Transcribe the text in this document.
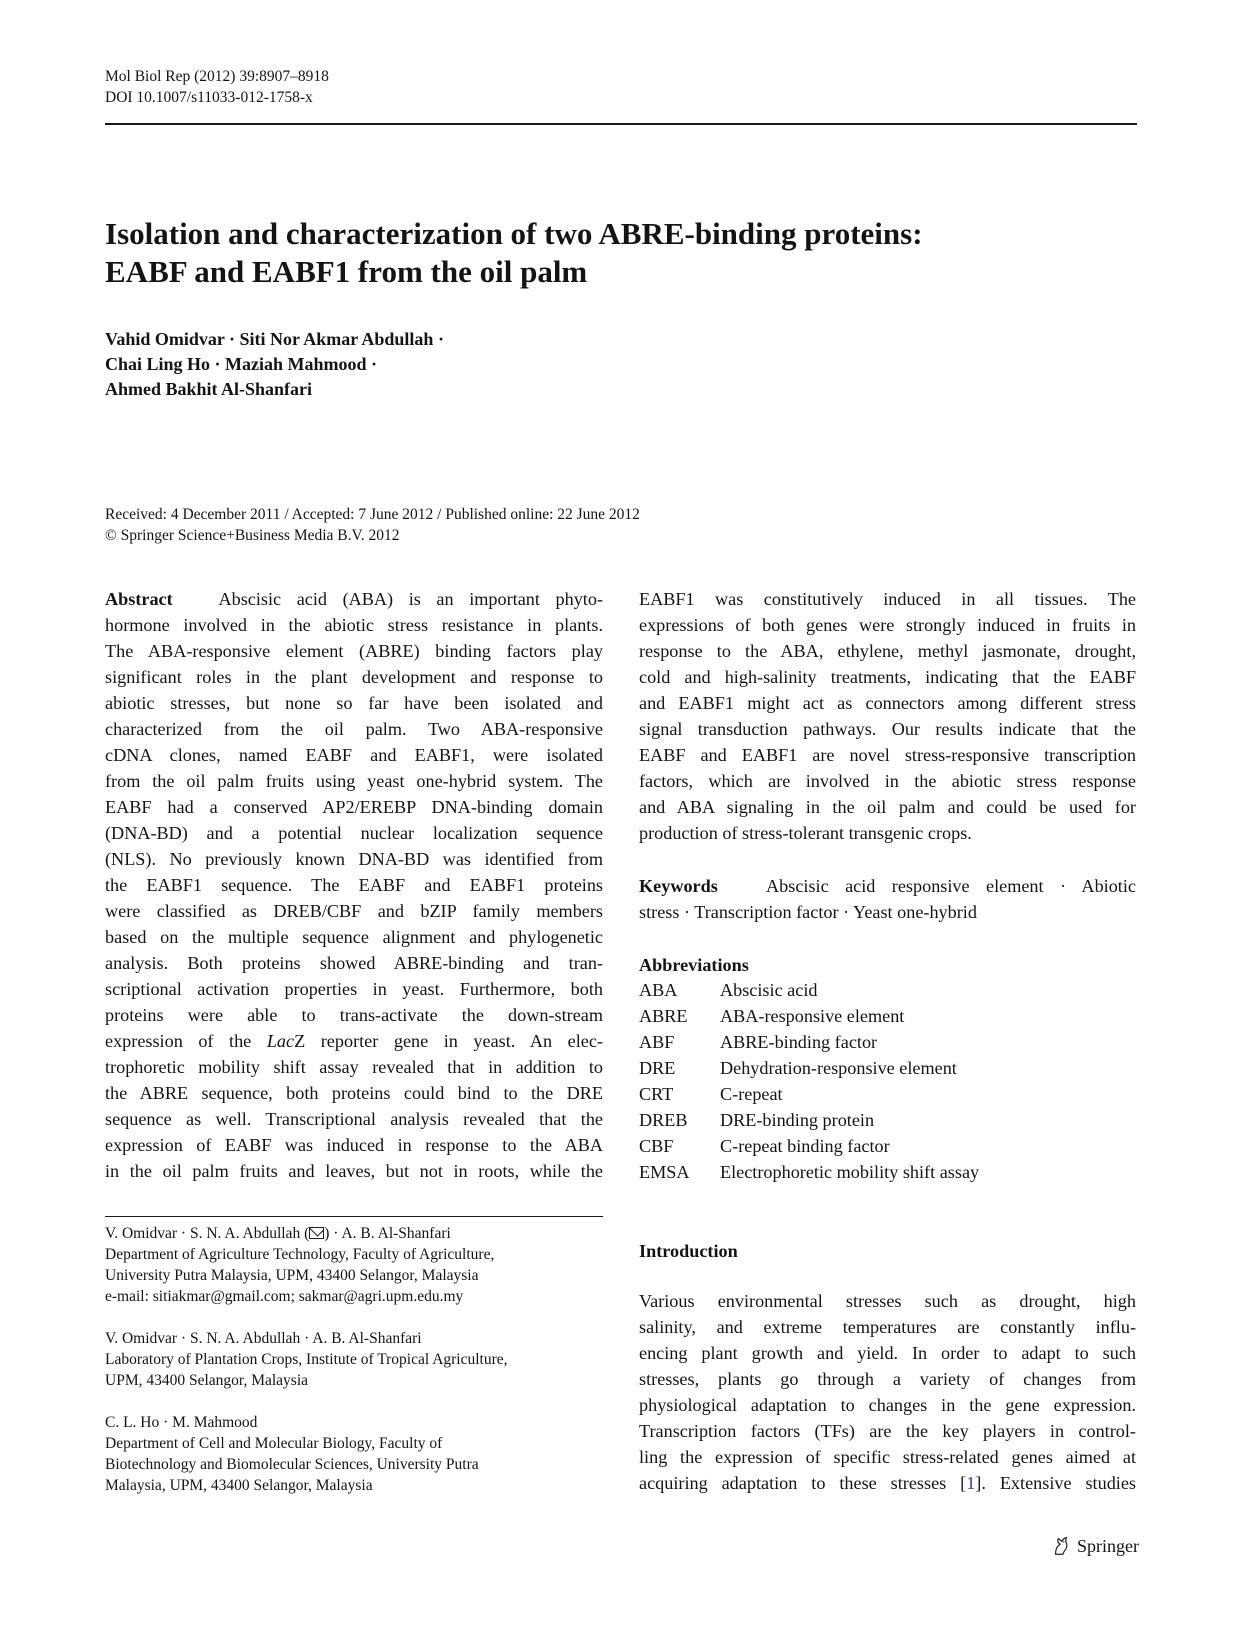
Mol Biol Rep (2012) 39:8907–8918
DOI 10.1007/s11033-012-1758-x
Isolation and characterization of two ABRE-binding proteins:
EABF and EABF1 from the oil palm
Vahid Omidvar · Siti Nor Akmar Abdullah ·
Chai Ling Ho · Maziah Mahmood ·
Ahmed Bakhit Al-Shanfari
Received: 4 December 2011 / Accepted: 7 June 2012 / Published online: 22 June 2012
© Springer Science+Business Media B.V. 2012
Abstract	Abscisic acid (ABA) is an important phyto-
hormone involved in the abiotic stress resistance in plants.
The ABA-responsive element (ABRE) binding factors play
significant roles in the plant development and response to
abiotic stresses, but none so far have been isolated and
characterized from the oil palm. Two ABA-responsive
cDNA clones, named EABF and EABF1, were isolated
from the oil palm fruits using yeast one-hybrid system. The
EABF had a conserved AP2/EREBP DNA-binding domain
(DNA-BD) and a potential nuclear localization sequence
(NLS). No previously known DNA-BD was identified from
the EABF1 sequence. The EABF and EABF1 proteins
were classified as DREB/CBF and bZIP family members
based on the multiple sequence alignment and phylogenetic
analysis. Both proteins showed ABRE-binding and tran-
scriptional activation properties in yeast. Furthermore, both
proteins were able to trans-activate the down-stream
expression of the LacZ reporter gene in yeast. An elec-
trophoretic mobility shift assay revealed that in addition to
the ABRE sequence, both proteins could bind to the DRE
sequence as well. Transcriptional analysis revealed that the
expression of EABF was induced in response to the ABA
in the oil palm fruits and leaves, but not in roots, while the
EABF1 was constitutively induced in all tissues. The
expressions of both genes were strongly induced in fruits in
response to the ABA, ethylene, methyl jasmonate, drought,
cold and high-salinity treatments, indicating that the EABF
and EABF1 might act as connectors among different stress
signal transduction pathways. Our results indicate that the
EABF and EABF1 are novel stress-responsive transcription
factors, which are involved in the abiotic stress response
and ABA signaling in the oil palm and could be used for
production of stress-tolerant transgenic crops.
Keywords	Abscisic acid responsive element · Abiotic
stress · Transcription factor · Yeast one-hybrid
Abbreviations
ABA Abscisic acid
ABRE ABA-responsive element
ABF	ABRE-binding factor
DRE Dehydration-responsive element
CRT	C-repeat
DREB DRE-binding protein
CBF	C-repeat binding factor
EMSA Electrophoretic mobility shift assay
V. Omidvar · S. N. A. Abdullah ( ) · A. B. Al-Shanfari
Department of Agriculture Technology, Faculty of Agriculture,
University Putra Malaysia, UPM, 43400 Selangor, Malaysia
e-mail: sitiakmar@gmail.com; sakmar@agri.upm.edu.my
V. Omidvar · S. N. A. Abdullah · A. B. Al-Shanfari
Laboratory of Plantation Crops, Institute of Tropical Agriculture,
UPM, 43400 Selangor, Malaysia
C. L. Ho · M. Mahmood
Department of Cell and Molecular Biology, Faculty of
Biotechnology and Biomolecular Sciences, University Putra
Malaysia, UPM, 43400 Selangor, Malaysia
Introduction
Various environmental stresses such as drought, high
salinity, and extreme temperatures are constantly influ-
encing plant growth and yield. In order to adapt to such
stresses, plants go through a variety of changes from
physiological adaptation to changes in the gene expression.
Transcription factors (TFs) are the key players in control-
ling the expression of specific stress-related genes aimed at
acquiring adaptation to these stresses [1]. Extensive studies
Springer
